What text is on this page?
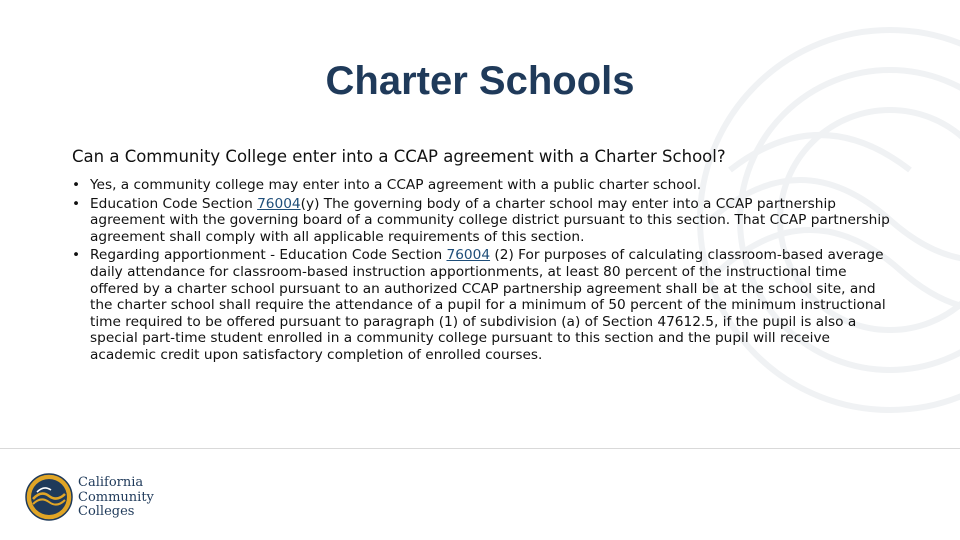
Charter Schools

Can a Community College enter into a CCAP agreement with a Charter School?

• Yes, a community college may enter into a CCAP agreement with a public charter school.
• Education Code Section 76004(y) The governing body of a charter school may enter into a CCAP partnership agreement with the governing board of a community college district pursuant to this section. That CCAP partnership agreement shall comply with all applicable requirements of this section.
• Regarding apportionment - Education Code Section 76004 (2) For purposes of calculating classroom-based average daily attendance for classroom-based instruction apportionments, at least 80 percent of the instructional time offered by a charter school pursuant to an authorized CCAP partnership agreement shall be at the school site, and the charter school shall require the attendance of a pupil for a minimum of 50 percent of the minimum instructional time required to be offered pursuant to paragraph (1) of subdivision (a) of Section 47612.5, if the pupil is also a special part-time student enrolled in a community college pursuant to this section and the pupil will receive academic credit upon satisfactory completion of enrolled courses.
California
Community
Colleges
